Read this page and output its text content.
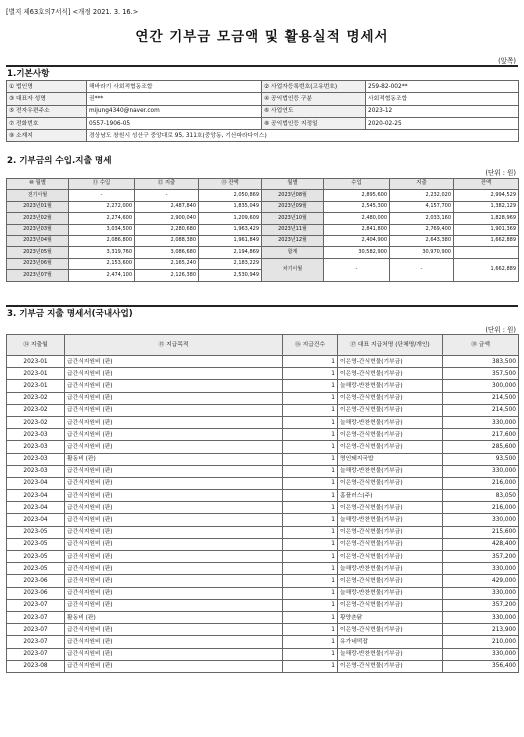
[별지 제63호의7서식] <개정 2021. 3. 16.>
연간 기부금 모금액 및 활용실적 명세서
(앞쪽)
1.기본사항
① 법인명	해바라기 사회적협동조합	② 사업자등록번호(고유번호)	259-82-002**
③ 대표자 성명	권***	④ 공익법인등 구분	사회적협동조합
⑤ 전자우편주소	mijung4340@naver.com	⑥ 사업연도	2023-12
⑦ 전화번호	0557-1906-05	⑧ 공익법인등 지정일	2020-02-25
⑨ 소재지	경상남도 창원시 성산구 중앙대로 95, 311호(중앙동, 기산파라다이스)		
2. 기부금의 수입.지출 명세
(단위 : 원)
⑩ 월별	⑪ 수입	⑫ 지출	⑬ 잔액	월별	수입	지출	잔액
전기이월	-	-	2,050,869	2023년08월	2,895,600	2,232,020	2,994,529
2023년01월	2,272,000	2,487,840	1,835,049	2023년09월	2,545,300	4,157,700	1,382,129
2023년02월	2,274,600	2,900,040	1,209,609	2023년10월	2,480,000	2,033,160	1,828,969
2023년03월	3,034,500	2,280,680	1,963,429	2023년11월	2,841,800	2,769,400	1,901,369
2023년04월	2,086,800	2,088,380	1,961,849	2023년12월	2,404,900	2,643,380	1,662,889
2023년05월	3,319,760	3,086,680	2,194,869	합계	30,582,900	30,970,900	
2023년06월	2,153,600	2,165,240	2,183,229	차기이월	-	-	1,662,889
2023년07월	2,474,100	2,126,380	2,530,949				
3. 기부금 지출 명세서(국내사업)
(단위 : 원)
⑭ 지출월	⑮ 지급목적	⑯ 지급건수	⑰ 대표 지급처명 (단체명/개인)	⑱ 금액
2023-01	급간식지원비 (판)	1	이은영-간식현물(기부금)	383,500
2023-01	급간식지원비 (판)	1	이은영-간식현물(기부금)	357,500
2023-01	급간식지원비 (판)	1	늘해랑-반찬현물(기부금)	300,000
2023-02	급간식지원비 (판)	1	이은영-간식현물(기부금)	214,500
2023-02	급간식지원비 (판)	1	이은영-간식현물(기부금)	214,500
2023-02	급간식지원비 (판)	1	늘해랑-반찬현물(기부금)	330,000
2023-03	급간식지원비 (판)	1	이은영-간식현물(기부금)	217,600
2023-03	급간식지원비 (판)	1	이은영-간식현물(기부금)	285,600
2023-03	활동비 (판)	1	명인돼지국밥	93,500
2023-03	급간식지원비 (판)	1	늘해랑-반찬현물(기부금)	330,000
2023-04	급간식지원비 (판)	1	이은영-간식현물(기부금)	216,000
2023-04	급간식지원비 (판)	1	홈플러스(주)	83,050
2023-04	급간식지원비 (판)	1	이은영-간식현물(기부금)	216,000
2023-04	급간식지원비 (판)	1	늘해랑-반찬현물(기부금)	330,000
2023-05	급간식지원비 (판)	1	이은영-간식현물(기부금)	215,600
2023-05	급간식지원비 (판)	1	이은영-간식현물(기부금)	428,400
2023-05	급간식지원비 (판)	1	이은영-간식현물(기부금)	357,200
2023-05	급간식지원비 (판)	1	늘해랑-반찬현물(기부금)	330,000
2023-06	급간식지원비 (판)	1	이은영-간식현물(기부금)	429,000
2023-06	급간식지원비 (판)	1	늘해랑-반찬현물(기부금)	330,000
2023-07	급간식지원비 (판)	1	이은영-간식현물(기부금)	357,200
2023-07	활동비 (판)	1	황양촌닭	330,000
2023-07	급간식지원비 (판)	1	이은영-간식현물(기부금)	213,900
2023-07	급간식지원비 (판)	1	유가네떡잡	210,000
2023-07	급간식지원비 (판)	1	늘해랑-반찬현물(기부금)	330,000
2023-08	급간식지원비 (판)	1	이은영-간식현물(기부금)	356,400
